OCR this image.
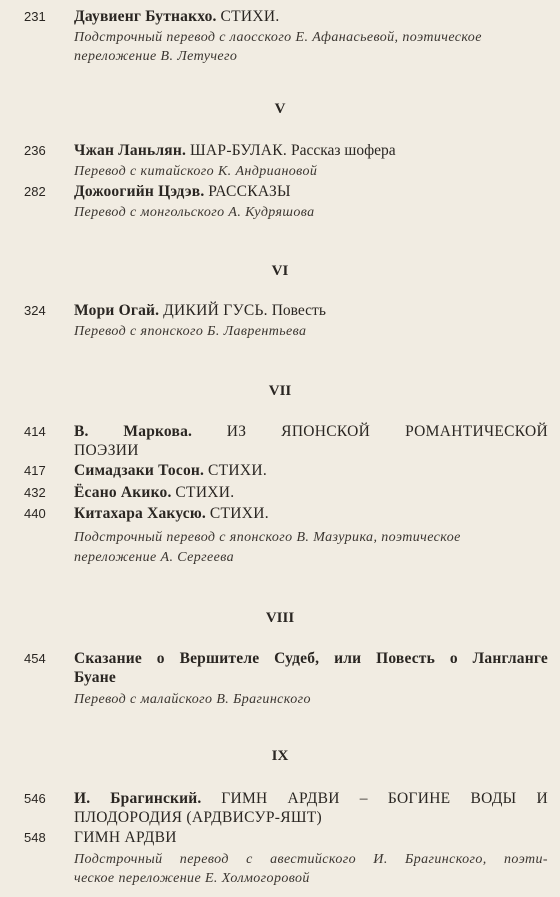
231	Даувиенг Бутнакхо. СТИХИ.
Подстрочный перевод с лаосского Е. Афанасьевой, поэтическое
переложение В. Летучего
V
236	Чжан Ланьлян. ШАР-БУЛАК. Рассказ шофера
Перевод с китайского К. Андриановой
282	Дожоогийн Цэдэв. РАССКАЗЫ
Перевод с монгольского А. Кудряшова
VI
324	Мори Огай. ДИКИЙ ГУСЬ. Повесть
Перевод с японского Б. Лаврентьева
VII
414	В. Маркова. ИЗ ЯПОНСКОЙ РОМАНТИЧЕСКОЙ
ПОЭЗИИ
417	Симадзаки Тосон. СТИХИ.
432	Ёсано Акико. СТИХИ.
440	Китахара Хакусю. СТИХИ.
Подстрочный перевод с японского В. Мазурика, поэтическое
переложение А. Сергеева
VIII
454	Сказание о Вершителе Судеб, или Повесть о Лангланге
Буане
Перевод с малайского В. Брагинского
IX
546	И. Брагинский. ГИМН АРДВИ – БОГИНЕ ВОДЫ И
ПЛОДОРОДИЯ (АРДВИСУР-ЯШТ)
548	ГИМН АРДВИ
Подстрочный перевод с авестийского И. Брагинского, поэти-
ческое переложение Е. Холмогоровой
